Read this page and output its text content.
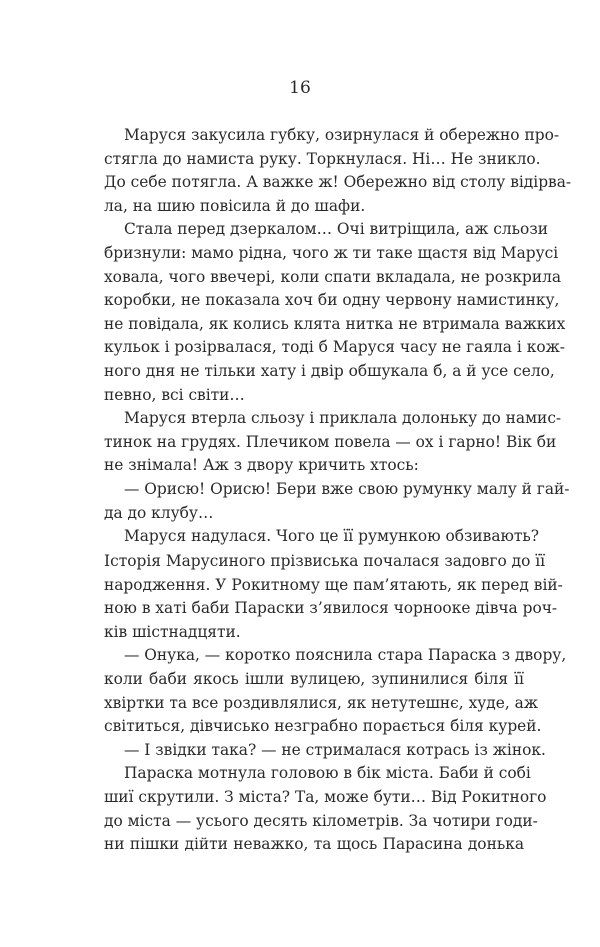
16
Маруся закусила губку, озирнулася й обережно про-
стягла до намиста руку. Торкнулася. Ні… Не зникло.
До себе потягла. А важке ж! Обережно від столу відірва-
ла, на шию повісила й до шафи.
Стала перед дзеркалом… Очі витріщила, аж сльози
бризнули: мамо рідна, чого ж ти таке щастя від Марусі
ховала, чого ввечері, коли спати вкладала, не розкрила
коробки, не показала хоч би одну червону намистинку,
не повідала, як колись клята нитка не втримала важких
кульок і розірвалася, тоді б Маруся часу не гаяла і кож-
ного дня не тільки хату і двір обшукала б, а й усе село,
певно, всі світи…
Маруся втерла сльозу і приклала долоньку до намис-
тинок на грудях. Плечиком повела — ох і гарно! Вік би
не знімала! Аж з двору кричить хтось:
— Орисю! Орисю! Бери вже свою румунку малу й гай-
да до клубу…
Маруся надулася. Чого це її румункою обзивають?
Історія Марусиного прізвиська почалася задовго до її
народження. У Рокитному ще пам’ятають, як перед вій-
ною в хаті баби Параски з’явилося чорнооке дівча роч-
ків шістнадцяти.
— Онука, — коротко пояснила стара Параска з двору,
коли баби якось ішли вулицею, зупинилися біля її
хвіртки та все роздивлялися, як нетутешнє, худе, аж
світиться, дівчисько незграбно порається біля курей.
— І звідки така? — не стрималася котрась із жінок.
Параска мотнула головою в бік міста. Баби й собі
шиї скрутили. З міста? Та, може бути… Від Рокитного
до міста — усього десять кілометрів. За чотири годи-
ни пішки дійти неважко, та щось Парасина донька
